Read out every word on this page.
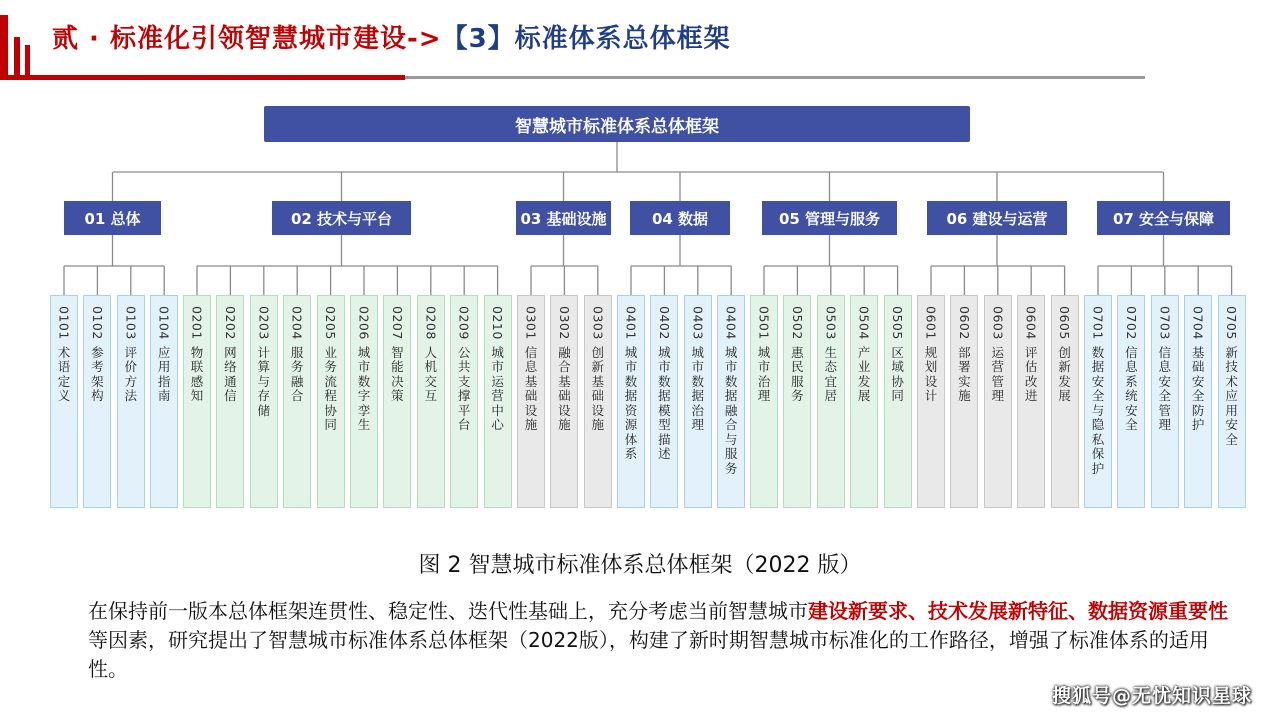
贰 · 标准化引领智慧城市建设->【3】标准体系总体框架
智慧城市标准体系总体框架
01 总体	02 技术与平台	03 基础设施	04 数据	05 管理与服务	06 建设与运营	07 安全与保障
0101
术语定义
0102
参考架构
0103
评价方法
0104
应用指南
0201
物联感知
0202
网络通信
0203
计算与存储
0204
服务融合
0205
业务流程协同
0206
城市数字孪生
0207
智能决策
0208
人机交互
0209
公共支撑平台
0210
城市运营中心
0301
信息基础设施
0302
融合基础设施
0303
创新基础设施
0401
城市数据资源体系
0402
城市数据模型描述
0403
城市数据治理
0404
城市数据融合与服务
0501
城市治理
0502
惠民服务
0503
生态宜居
0504
产业发展
0505
区域协同
0601
规划设计
0602
部署实施
0603
运营管理
0604
评估改进
0605
创新发展
0701
数据安全与隐私保护
0702
信息系统安全
0703
信息安全管理
0704
基础安全防护
0705
新技术应用安全
图 2 智慧城市标准体系总体框架（2022 版）
在保持前一版本总体框架连贯性、稳定性、迭代性基础上，充分考虑当前智慧城市建设新要求、技术发展新特征、数据资源重要性等因素，研究提出了智慧城市标准体系总体框架（2022版），构建了新时期智慧城市标准化的工作路径，增强了标准体系的适用性。
搜狐号@无忧知识星球
